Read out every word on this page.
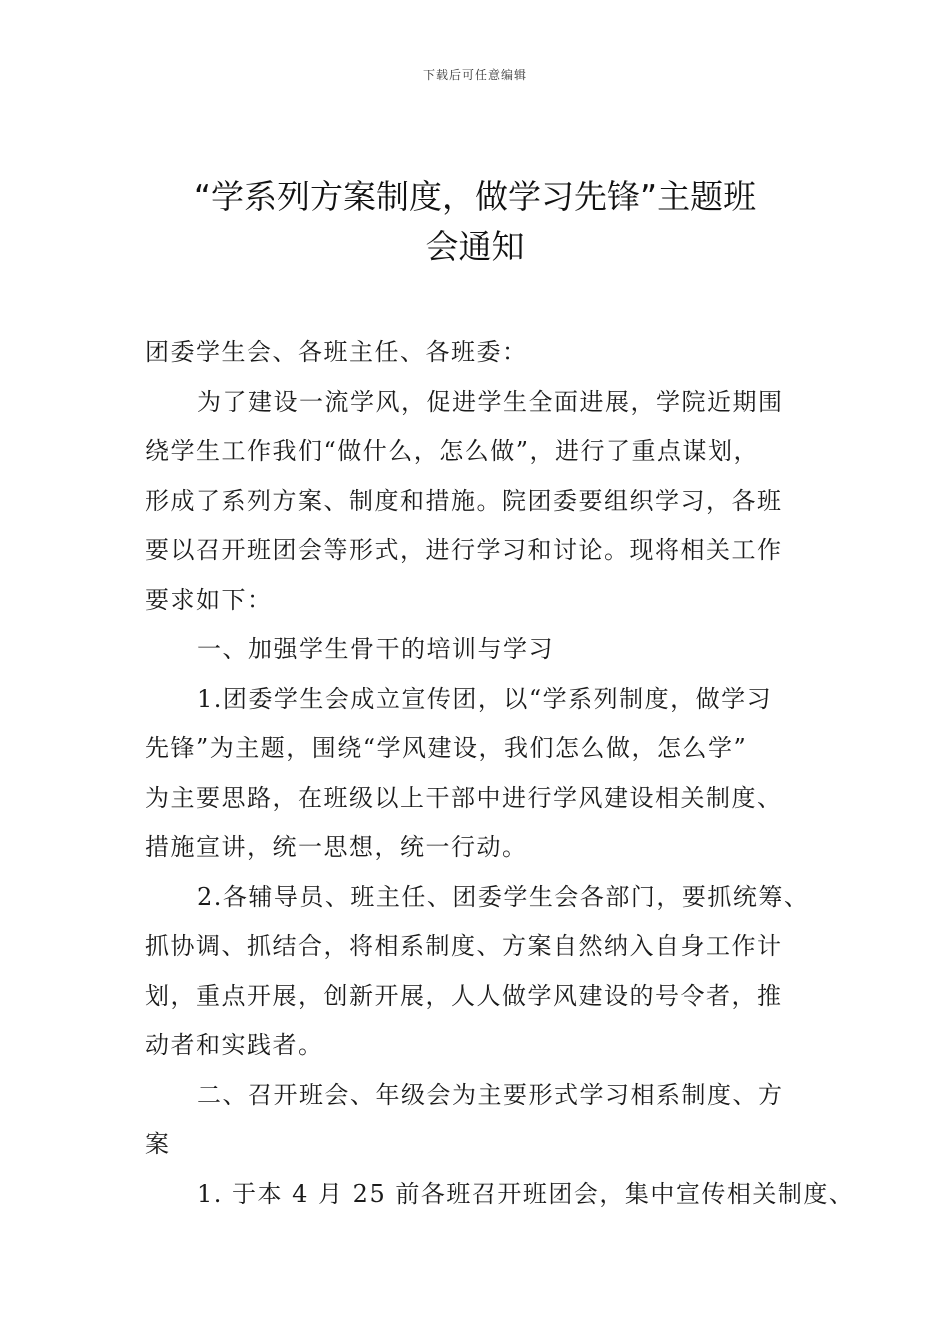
下载后可任意编辑
“学系列方案制度，做学习先锋”主题班
会通知
团委学生会、各班主任、各班委：
为了建设一流学风，促进学生全面进展，学院近期围
绕学生工作我们“做什么，怎么做”，进行了重点谋划，
形成了系列方案、制度和措施。院团委要组织学习，各班
要以召开班团会等形式，进行学习和讨论。现将相关工作
要求如下：
一、加强学生骨干的培训与学习
1.团委学生会成立宣传团，以“学系列制度，做学习
先锋”为主题，围绕“学风建设，我们怎么做，怎么学”
为主要思路，在班级以上干部中进行学风建设相关制度、
措施宣讲，统一思想，统一行动。
2.各辅导员、班主任、团委学生会各部门，要抓统筹、
抓协调、抓结合，将相系制度、方案自然纳入自身工作计
划，重点开展，创新开展，人人做学风建设的号令者，推
动者和实践者。
二、召开班会、年级会为主要形式学习相系制度、方
案
1. 于本 4 月 25 前各班召开班团会，集中宣传相关制度、
